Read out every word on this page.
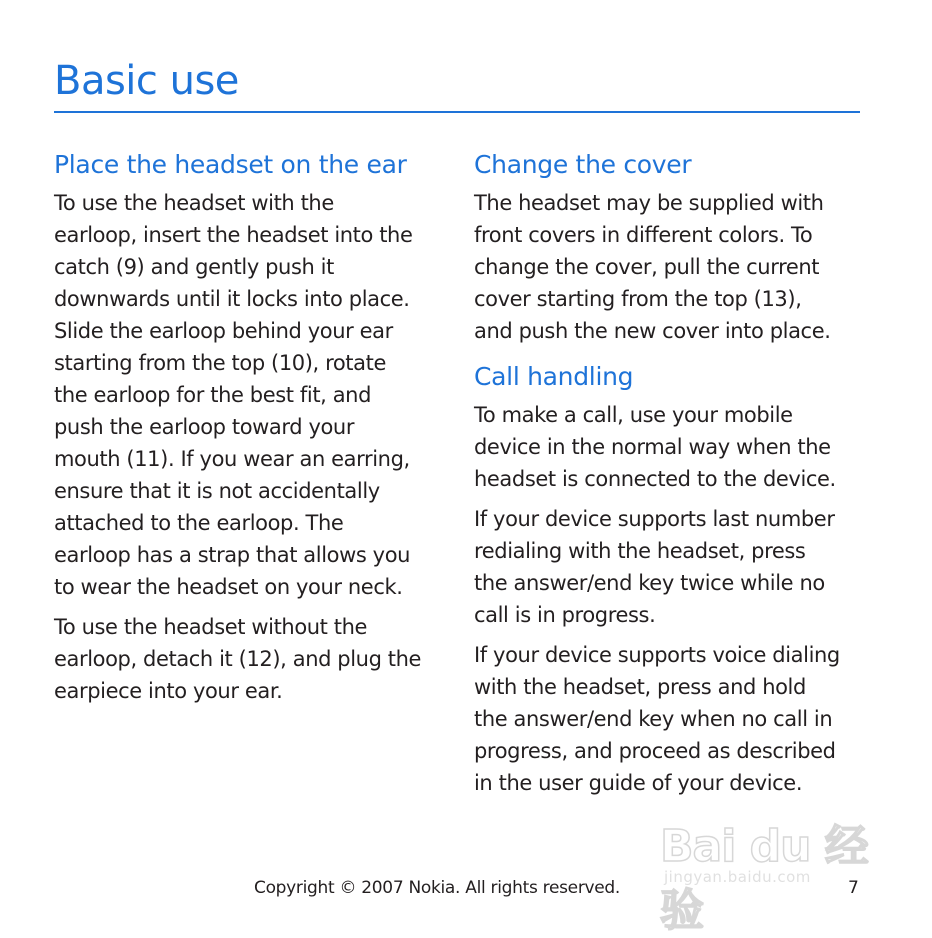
Basic use
Place the headset on the ear
To use the headset with the
earloop, insert the headset into the
catch (9) and gently push it
downwards until it locks into place.
Slide the earloop behind your ear
starting from the top (10), rotate
the earloop for the best fit, and
push the earloop toward your
mouth (11). If you wear an earring,
ensure that it is not accidentally
attached to the earloop. The
earloop has a strap that allows you
to wear the headset on your neck.
To use the headset without the
earloop, detach it (12), and plug the
earpiece into your ear.
Change the cover
The headset may be supplied with
front covers in different colors. To
change the cover, pull the current
cover starting from the top (13),
and push the new cover into place.
Call handling
To make a call, use your mobile
device in the normal way when the
headset is connected to the device.
If your device supports last number
redialing with the headset, press
the answer/end key twice while no
call is in progress.
If your device supports voice dialing
with the headset, press and hold
the answer/end key when no call in
progress, and proceed as described
in the user guide of your device.
Bai du 经验
jingyan.baidu.com
Copyright © 2007 Nokia. All rights reserved.	7
